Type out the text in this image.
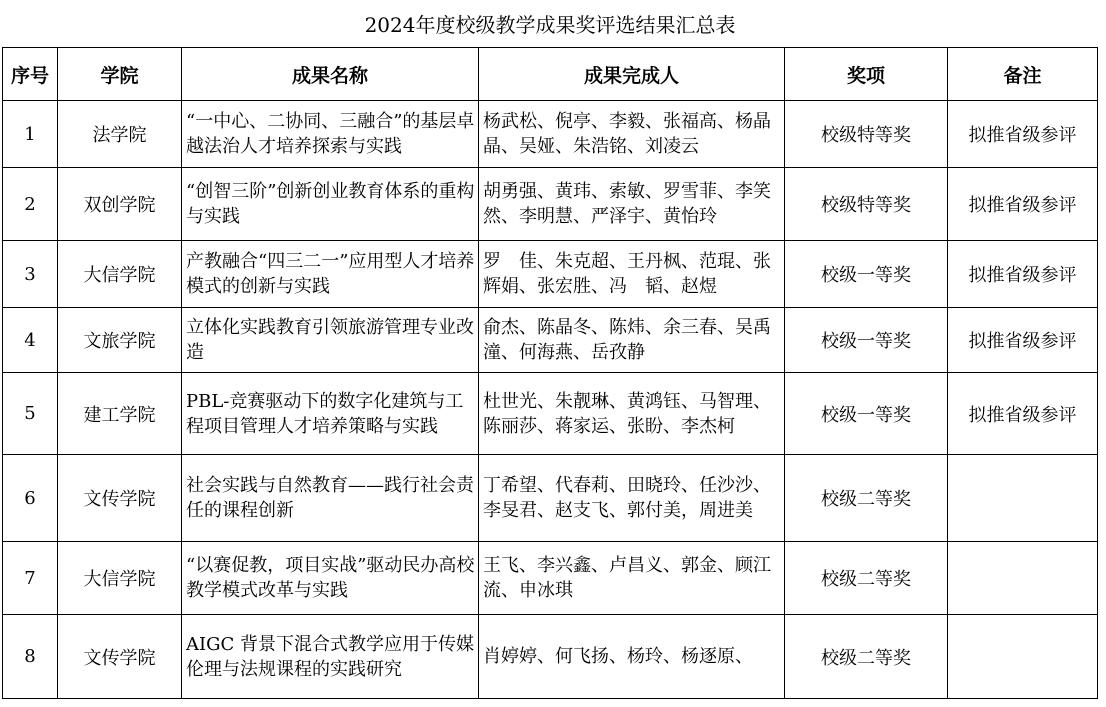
2024年度校级教学成果奖评选结果汇总表					
序号	学院	成果名称	成果完成人	奖项	备注
1	法学院	“一中心、二协同、三融合”的基层卓越法治人才培养探索与实践	杨武松、倪亭、李毅、张福高、杨晶晶、吴娅、朱浩铭、刘凌云	校级特等奖	拟推省级参评
2	双创学院	“创智三阶”创新创业教育体系的重构与实践	胡勇强、黄玮、索敏、罗雪菲、李笑然、李明慧、严泽宇、黄怡玲	校级特等奖	拟推省级参评
3	大信学院	产教融合“四三二一”应用型人才培养模式的创新与实践	罗　佳、朱克超、王丹枫、范琨、张辉娟、张宏胜、冯　韬、赵煜	校级一等奖	拟推省级参评
4	文旅学院	立体化实践教育引领旅游管理专业改造	俞杰、陈晶冬、陈炜、余三春、吴禹潼、何海燕、岳孜静	校级一等奖	拟推省级参评
5	建工学院	PBL-竞赛驱动下的数字化建筑与工程项目管理人才培养策略与实践	杜世光、朱靓琳、黄鸿钰、马智理、陈丽莎、蒋家运、张盼、李杰柯	校级一等奖	拟推省级参评
6	文传学院	社会实践与自然教育——践行社会责任的课程创新	丁希望、代春莉、田晓玲、任沙沙、李旻君、赵支飞、郭付美，周进美	校级二等奖	
7	大信学院	“以赛促教，项目实战”驱动民办高校教学模式改革与实践	王飞、李兴鑫、卢昌义、郭金、顾江流、申冰琪	校级二等奖	
8	文传学院	AIGC 背景下混合式教学应用于传媒伦理与法规课程的实践研究	肖婷婷、何飞扬、杨玲、杨逐原、	校级二等奖	
